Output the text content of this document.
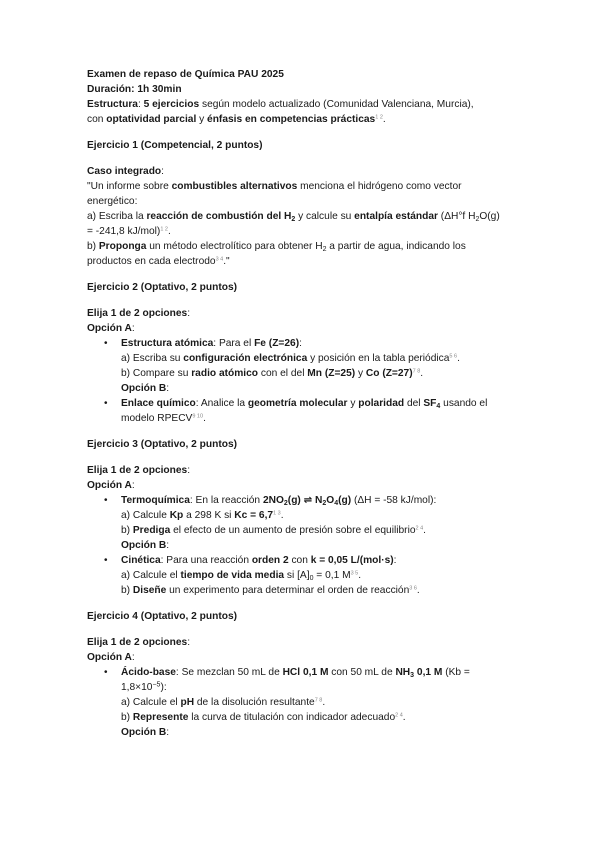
Examen de repaso de Química PAU 2025

Duración: 1h 30min

Estructura: 5 ejercicios según modelo actualizado (Comunidad Valenciana, Murcia),

con optatividad parcial y énfasis en competencias prácticas$^{1 2}$.

Ejercicio 1 (Competencial, 2 puntos)

Caso integrado:

"Un informe sobre combustibles alternativos menciona el hidrógeno como vector

energético:

a) Escriba la reacción de combustión del $H_2$ y calcule su entalpía estándar (ΔH°f $H_2O(g)$

= -241,8 kJ/mol)$^{1 2}$.

b) Proponga un método electrolítico para obtener $H_2$ a partir de agua, indicando los

productos en cada electrodo$^{3 4}$."

Ejercicio 2 (Optativo, 2 puntos)

Elija 1 de 2 opciones:

Opción A:

• Estructura atómica: Para el Fe (Z=26):

a) Escriba su configuración electrónica y posición en la tabla periódica$^{5 6}$.

b) Compare su radio atómico con el del Mn (Z=25) y Co (Z=27)$^{7 8}$.

Opción B:

• Enlace químico: Analice la geometría molecular y polaridad del $SF_4$ usando el

modelo $RPECV^{9 10}$.

Ejercicio 3 (Optativo, 2 puntos)

Elija 1 de 2 opciones:

Opción A:

• Termoquímica: En la reacción $2NO_2(g)$ ⇌ $N_2O_4(g) (\Delta H = -58$ kJ/mol):

a) Calcule Kp a 298 K si $Kc = 6,7^{1 3}$.

b) Prediga el efecto de un aumento de presión sobre el equilibrio$^{2 4}$.

Opción B:

• Cinética: Para una reacción orden 2 con k = 0,05 L/(mol·s):

a) Calcule el tiempo de vida media si $[A]_0 = 0,1$ $M^{3 5}$.

b) Diseñe un experimento para determinar el orden de reacción$^{3 6}$.

Ejercicio 4 (Optativo, 2 puntos)

Elija 1 de 2 opciones:

Opción A:

• Ácido-base: Se mezclan 50 mL de HCl 0,1 M con 50 mL de $NH_3$ 0,1 M (Kb =

$1,8\times 10^{-5}$):

a) Calcule el pH de la disolución resultante$^{7 8}$.

b) Represente la curva de titulación con indicador adecuado$^{2 4}$.

Opción B:
